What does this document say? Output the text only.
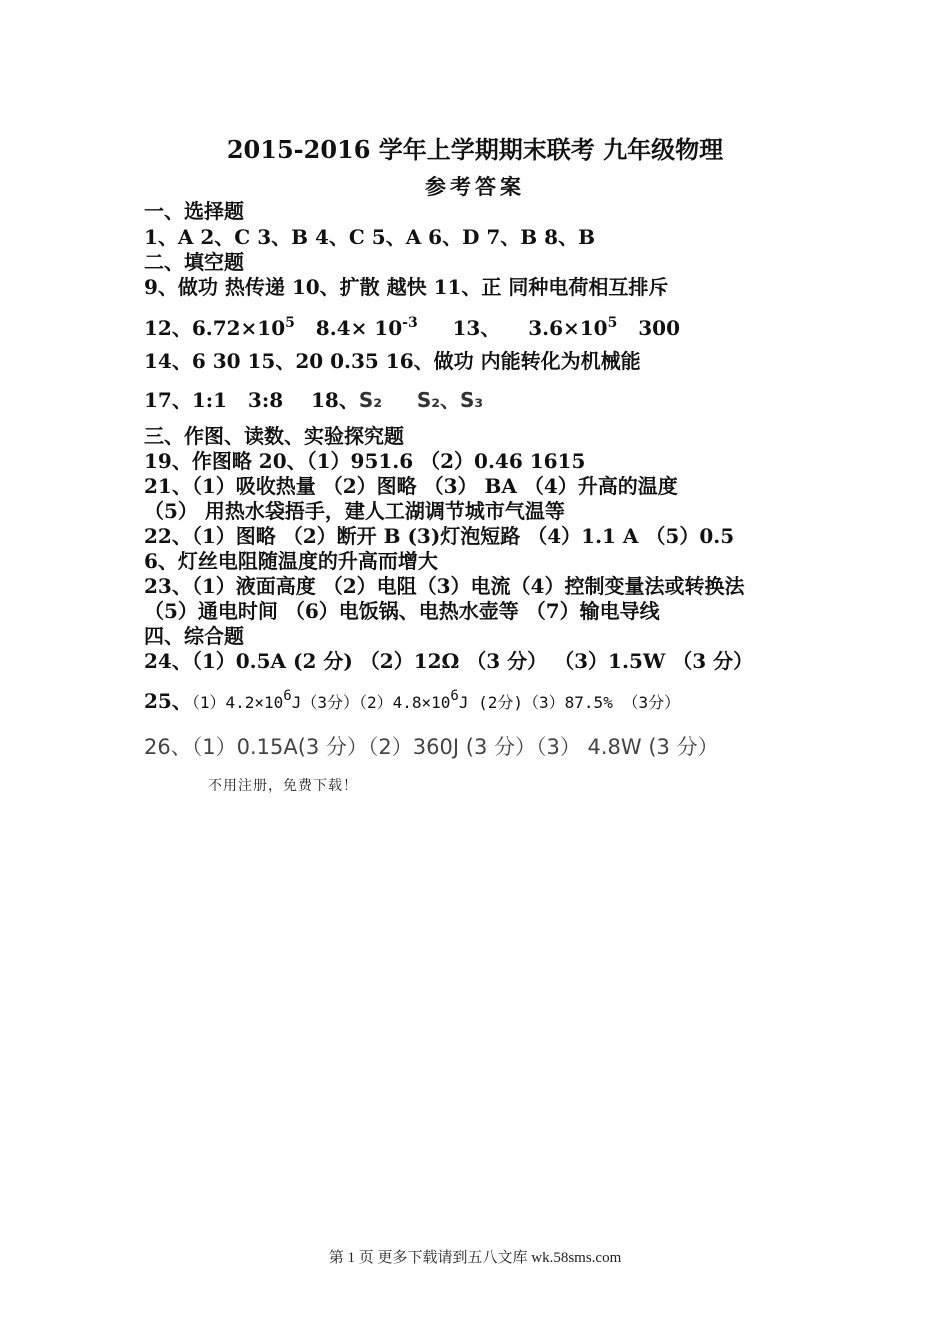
2015-2016 学年上学期期末联考 九年级物理
参考答案
一、选择题
1、A 2、C 3、B 4、C 5、A 6、D 7、B 8、B
二、填空题
9、做功 热传递 10、扩散 越快 11、正 同种电荷相互排斥
12、$6.72\times 10^5$   $8.4\times 10^{-3}$     13、    $3.6\times 10^5$   300
14、6 30 15、20 0.35 16、做功 内能转化为机械能
17、1:1   3:8    18、S₂     S₂、S₃
三、作图、读数、实验探究题
19、作图略 20、（1）951.6 （2）0.46 1615
21、（1）吸收热量 （2）图略 （3） BA （4）升高的温度
（5） 用热水袋捂手，建人工湖调节城市气温等
22、（1）图略 （2）断开 B (3)灯泡短路 （4）1.1 A （5）0.5
6、灯丝电阻随温度的升高而增大
23、（1）液面高度 （2）电阻（3）电流（4）控制变量法或转换法
（5）通电时间 （6）电饭锅、电热水壶等 （7）输电导线
四、综合题
24、（1）0.5A (2 分) （2）12Ω （3 分） （3）1.5W （3 分）
25、$(1)4.2\times 10^6J(3$分）$(2)4.8\times 10^6J$ (2分)（3）87.5% （3分）
26、（1）0.15A(3 分）（2）360J (3 分）（3） 4.8W (3 分）
不用注册，免费下载！
第 1 页 更多下载请到五八文库 wk.58sms.com
